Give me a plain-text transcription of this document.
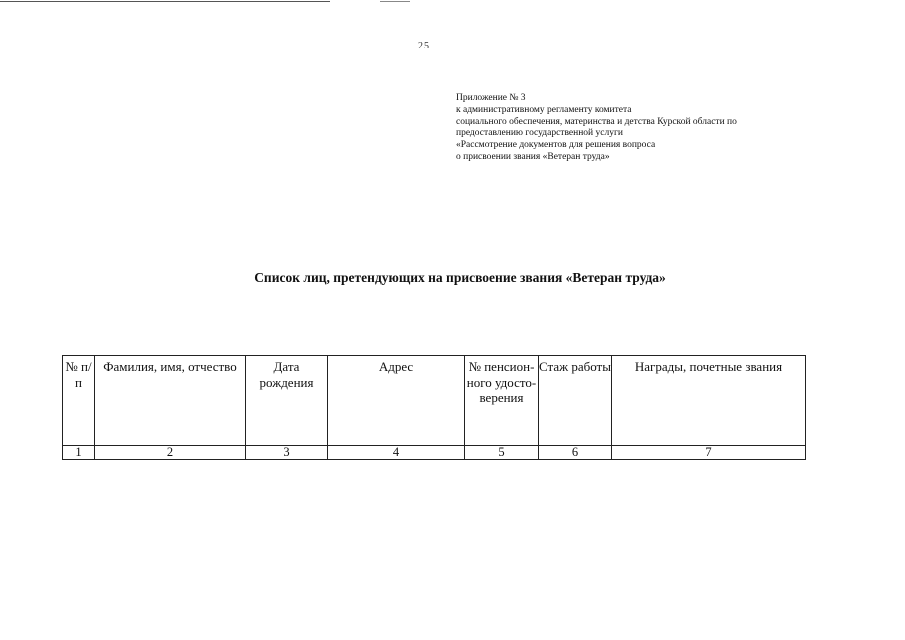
25
Приложение № 3
к административному регламенту комитета
социального обеспечения, материнства и детства Курской области по
предоставлению государственной услуги
«Рассмотрение документов для решения вопроса
о присвоении звания «Ветеран труда»
Список лиц, претендующих на присвоение звания «Ветеран труда»
№ п/п	Фамилия, имя, отчество	Дата рождения	Адрес	№ пенсион-ного удосто-верения	Стаж работы	Награды, почетные звания
1	2	3	4	5	6	7
